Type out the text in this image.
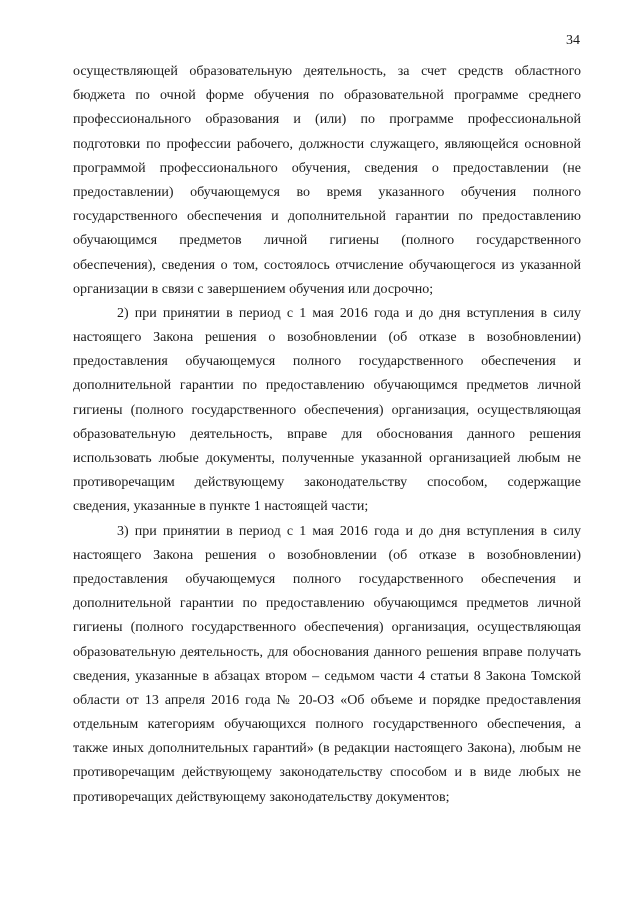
34
осуществляющей образовательную деятельность, за счет средств областного
бюджета по очной форме обучения по образовательной программе среднего
профессионального образования и (или) по программе профессиональной
подготовки по профессии рабочего, должности служащего, являющейся основной
программой профессионального обучения, сведения о предоставлении (не
предоставлении) обучающемуся во время указанного обучения полного
государственного обеспечения и дополнительной гарантии по предоставлению
обучающимся предметов личной гигиены (полного государственного
обеспечения), сведения о том, состоялось отчисление обучающегося из указанной
организации в связи с завершением обучения или досрочно;
2) при принятии в период с 1 мая 2016 года и до дня вступления в силу
настоящего Закона решения о возобновлении (об отказе в возобновлении)
предоставления обучающемуся полного государственного обеспечения и
дополнительной гарантии по предоставлению обучающимся предметов личной
гигиены (полного государственного обеспечения) организация, осуществляющая
образовательную деятельность, вправе для обоснования данного решения
использовать любые документы, полученные указанной организацией любым не
противоречащим действующему законодательству способом, содержащие
сведения, указанные в пункте 1 настоящей части;
3) при принятии в период с 1 мая 2016 года и до дня вступления в силу
настоящего Закона решения о возобновлении (об отказе в возобновлении)
предоставления обучающемуся полного государственного обеспечения и
дополнительной гарантии по предоставлению обучающимся предметов личной
гигиены (полного государственного обеспечения) организация, осуществляющая
образовательную деятельность, для обоснования данного решения вправе получать
сведения, указанные в абзацах втором – седьмом части 4 статьи 8 Закона Томской
области от 13 апреля 2016 года № 20-ОЗ «Об объеме и порядке предоставления
отдельным категориям обучающихся полного государственного обеспечения, а
также иных дополнительных гарантий» (в редакции настоящего Закона), любым не
противоречащим действующему законодательству способом и в виде любых не
противоречащих действующему законодательству документов;
